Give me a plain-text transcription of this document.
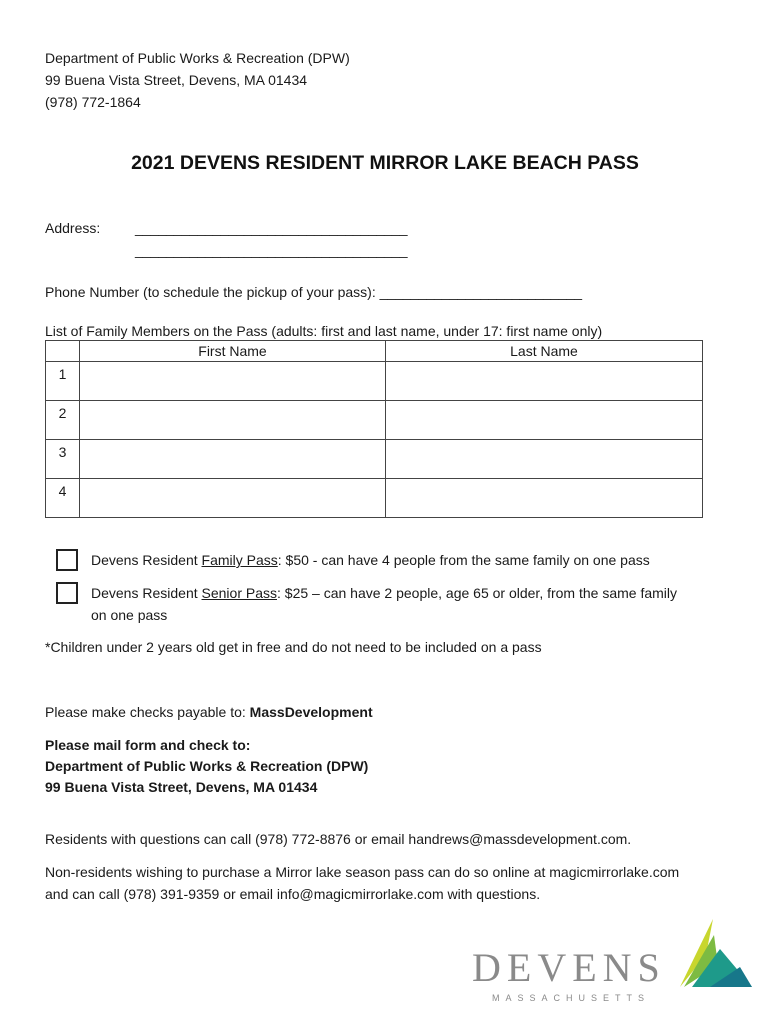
Department of Public Works & Recreation (DPW)
99 Buena Vista Street, Devens, MA 01434
(978) 772-1864
2021 DEVENS RESIDENT MIRROR LAKE BEACH PASS
Address: ___________________________________
___________________________________
Phone Number (to schedule the pickup of your pass): __________________________
List of Family Members on the Pass (adults: first and last name, under 17: first name only)
	First Name	Last Name
1		
2		
3		
4		
Devens Resident Family Pass: $50 - can have 4 people from the same family on one pass
Devens Resident Senior Pass: $25 – can have 2 people, age 65 or older, from the same family
on one pass
*Children under 2 years old get in free and do not need to be included on a pass
Please make checks payable to: MassDevelopment
Please mail form and check to:
Department of Public Works & Recreation (DPW)
99 Buena Vista Street, Devens, MA 01434
Residents with questions can call (978) 772-8876 or email handrews@massdevelopment.com.
Non-residents wishing to purchase a Mirror lake season pass can do so online at magicmirrorlake.com
and can call (978) 391-9359 or email info@magicmirrorlake.com with questions.
DEVENS
MASSACHUSETTS
